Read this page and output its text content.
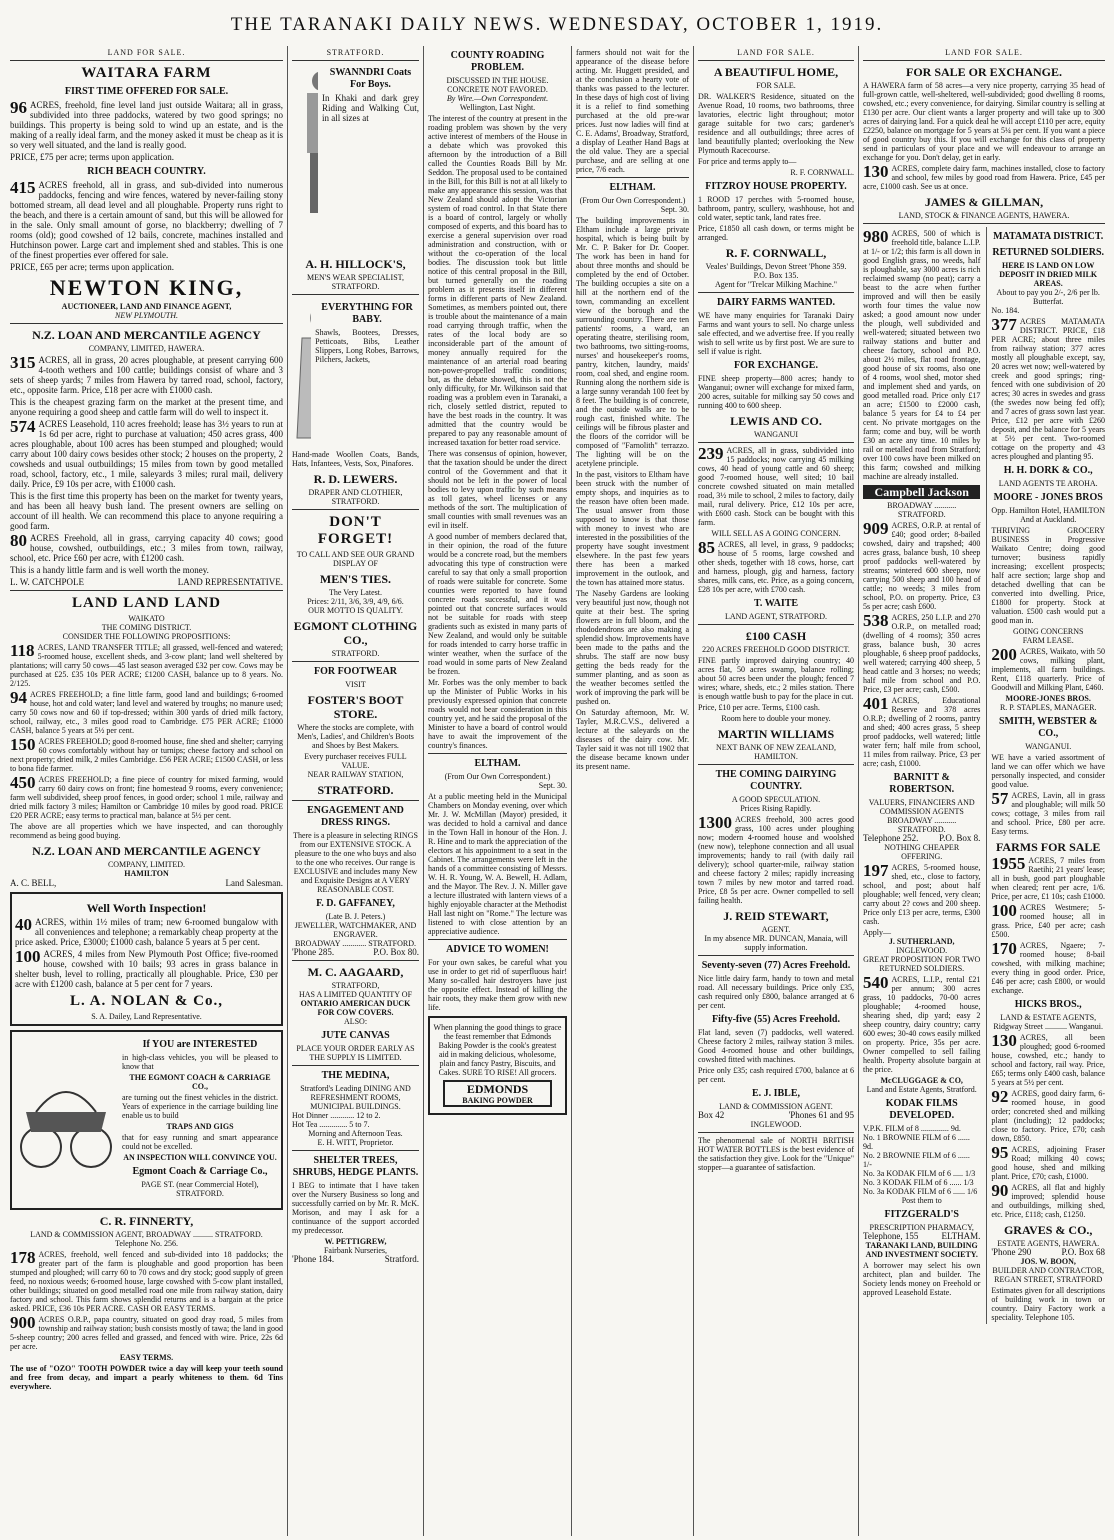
THE TARANAKI DAILY NEWS. WEDNESDAY, OCTOBER 1, 1919.
LAND FOR SALE.
WAITARA FARM
FIRST TIME OFFERED FOR SALE.
96 ACRES, freehold, fine level land just outside Waitara; all in grass, subdivided into three paddocks, watered by two good springs; no buildings. This property is being sold to wind up an estate, and is the making of a really ideal farm, and the money asked it must be cheap as it is so very well situated, and the land is really good.
PRICE, £75 per acre; terms upon application.
RICH BEACH COUNTRY.
415 ACRES freehold, all in grass, and sub-divided into numerous paddocks, fencing and wire fences, watered by never-failing stony bottomed stream, all dead level and all ploughable. Property runs right to the beach, and there is a certain amount of sand, but this will be allowed for in the sale. Only small amount of gorse, no blackberry; dwelling of 7 rooms (old); good cowshed of 12 bails, concrete, machines installed and Hutchinson power. Large cart and implement shed and stables. This is one of the finest properties ever offered for sale.
PRICE, £65 per acre; terms upon application.
NEWTON KING,
AUCTIONEER, LAND AND FINANCE AGENT,
NEW PLYMOUTH.
N.Z. LOAN AND MERCANTILE AGENCY
COMPANY, LIMITED, HAWERA.
315 ACRES, all in grass, 20 acres ploughable, at present carrying 600 4-tooth wethers and 100 cattle; buildings consist of whare and 3 sets of sheep yards; 7 miles from Hawera by tarred road, school, factory, etc., opposite farm. Price, £18 per acre with £1000 cash.
This is the cheapest grazing farm on the market at the present time, and anyone requiring a good sheep and cattle farm will do well to inspect it.
574 ACRES Leasehold, 110 acres freehold; lease has 3½ years to run at 1s 6d per acre, right to purchase at valuation; 450 acres grass, 400 acres ploughable, about 100 acres has been stumped and ploughed; would carry about 100 dairy cows besides other stock; 2 houses on the property, 2 cowsheds and usual outbuildings; 15 miles from town by good metalled road, school, factory, etc., 1 mile, saleyards 3 miles; rural mail, delivery daily. Price, £9 10s per acre, with £1000 cash.
This is the first time this property has been on the market for twenty years, and has been all heavy bush land. The present owners are selling on account of ill health. We can recommend this place to anyone requiring a good farm.
80 ACRES Freehold, all in grass, carrying capacity 40 cows; good house, cowshed, outbuildings, etc.; 3 miles from town, railway, school, etc. Price £60 per acre, with £1200 cash.
This is a handy little farm and is well worth the money.
L. W. CATCHPOLE	LAND REPRESENTATIVE.
LAND LAND LAND
WAIKATO
THE COMING DISTRICT.
CONSIDER THE FOLLOWING PROPOSITIONS:
118 ACRES, LAND TRANSFER TITLE; all grassed, well-fenced and watered; 5-roomed house, excellent sheds, and 3-cow plant; land well sheltered by plantations; will carry 50 cows—45 last season averaged £32 per cow. Cows may be purchased at £25. £35 10s PER ACRE; £1200 CASH, balance up to 8 years. No. 2/125.
94 ACRES FREEHOLD; a fine little farm, good land and buildings; 6-roomed house, hot and cold water; land level and watered by troughs; no manure used; carry 50 cows now and 60 if top-dressed; within 300 yards of dried milk factory, school, railway, etc., 3 miles good road to Cambridge. £75 PER ACRE; £1000 CASH, balance 5 years at 5½ per cent.
150 ACRES FREEHOLD; good 8-roomed house, fine shed and shelter; carrying 60 cows comfortably without hay or turnips; cheese factory and school on next property; dried milk, 2 miles Cambridge. £56 PER ACRE; £1500 CASH, or less to bona fide farmer.
450 ACRES FREEHOLD; a fine piece of country for mixed farming, would carry 60 dairy cows on front; fine homestead 9 rooms, every convenience; farm well subdivided, sheep proof fences, in good order; school 1 mile, railway and dried milk factory 3 miles; Hamilton or Cambridge 10 miles by good road. PRICE £20 PER ACRE; easy terms to practical man, balance at 5½ per cent.
The above are all properties which we have inspected, and can thoroughly recommend as being good buying.
N.Z. LOAN AND MERCANTILE AGENCY
COMPANY, LIMITED.
HAMILTON
A. C. BELL,	Land Salesman.
Well Worth Inspection!
40 ACRES, within 1½ miles of tram; new 6-roomed bungalow with all conveniences and telephone; a remarkably cheap property at the price asked. Price, £3000; £1000 cash, balance 5 years at 5 per cent.
100 ACRES, 4 miles from New Plymouth Post Office; five-roomed house, cowshed with 10 bails; 93 acres in grass balance in shelter bush, level to rolling, practically all ploughable. Price, £30 per acre with £1200 cash, balance at 5 per cent for 7 years.
L. A. NOLAN & Co.,
S. A. Dailey, Land Representative.
If YOU are INTERESTED
in high-class vehicles, you will be pleased to know that
THE EGMONT COACH & CARRIAGE CO.,
are turning out the finest vehicles in the district. Years of experience in the carriage building line enable us to build
TRAPS AND GIGS
that for easy running and smart appearance could not be excelled.
AN INSPECTION WILL CONVINCE YOU.
Egmont Coach & Carriage Co.,
PAGE ST. (near Commercial Hotel), STRATFORD.
C. R. FINNERTY,
LAND & COMMISSION AGENT, BROADWAY .......... STRATFORD.
Telephone No. 256.
178 ACRES, freehold, well fenced and sub-divided into 18 paddocks; the greater part of the farm is ploughable and good proportion has been stumped and ploughed; will carry 60 to 70 cows and dry stock; good supply of green feed, no noxious weeds; 6-roomed house, large cowshed with 5-cow plant installed, other buildings; situated on good metalled road one mile from railway station, dairy factory and school. This farm shows splendid returns and is a bargain at the price asked. PRICE, £36 10s PER ACRE. CASH OR EASY TERMS.
900 ACRES O.R.P., papa country, situated on good dray road, 5 miles from township and railway station; bush consists mostly of tawa; the land in good 5-sheep country; 200 acres felled and grassed, and fenced with wire. Price, 22s 6d per acre.
EASY TERMS.
The use of "OZO" TOOTH POWDER twice a day will keep your teeth sound and free from decay, and impart a pearly whiteness to them. 6d Tins everywhere.
STRATFORD.
SWANNDRI Coats For Boys.
In Khaki and dark grey Riding and Walking Cut, in all sizes at
A. H. HILLOCK'S,
MEN'S WEAR SPECIALIST,
STRATFORD.
EVERYTHING FOR BABY.
Shawls, Bootees, Dresses, Petticoats, Bibs, Leather Slippers, Long Robes, Barrows, Pilchers, Jackets,
Hand-made Woollen Coats, Bands, Hats, Infantees, Vests, Sox, Pinafores.
R. D. LEWERS.
DRAPER AND CLOTHIER,
STRATFORD.
DON'T FORGET!
TO CALL AND SEE OUR GRAND DISPLAY OF
MEN'S TIES.
The Very Latest.
Prices: 2/11, 3/6, 3/9, 4/9, 6/6.
OUR MOTTO IS QUALITY.
EGMONT CLOTHING CO.,
STRATFORD.
FOR FOOTWEAR
VISIT
FOSTER'S BOOT STORE.
Where the stocks are complete, with Men's, Ladies', and Children's Boots and Shoes by Best Makers.
Every purchaser receives FULL VALUE.
NEAR RAILWAY STATION,
STRATFORD.
ENGAGEMENT AND DRESS RINGS.
There is a pleasure in selecting RINGS from our EXTENSIVE STOCK. A pleasure to the one who buys and also to the one who receives. Our range is EXCLUSIVE and includes many New and Exquisite Designs at A VERY REASONABLE COST.
F. D. GAFFANEY,
(Late B. J. Peters.)
JEWELLER, WATCHMAKER, AND ENGRAVER.
BROADWAY ............ STRATFORD.
'Phone 285.	P.O. Box 80.
M. C. AAGAARD,
STRATFORD,
HAS A LIMITED QUANTITY OF
ONTARIO AMERICAN DUCK FOR COW COVERS.
ALSO:
JUTE CANVAS
PLACE YOUR ORDER EARLY AS THE SUPPLY IS LIMITED.
THE MEDINA,
Stratford's Leading DINING AND REFRESHMENT ROOMS, MUNICIPAL BUILDINGS.
Hot Dinner ............ 12 to 2.
Hot Tea .............. 5 to 7.
Morning and Afternoon Teas.
E. H. WITT, Proprietor.
SHELTER TREES, SHRUBS, HEDGE PLANTS.
I BEG to intimate that I have taken over the Nursery Business so long and successfully carried on by Mr. R. McK. Morison, and may I ask for a continuance of the support accorded my predecessor.
W. PETTIGREW,
Fairbank Nurseries,
'Phone 184.	Stratford.
COUNTY ROADING PROBLEM.
DISCUSSED IN THE HOUSE.
CONCRETE NOT FAVORED.
By Wire.—Own Correspondent.
Wellington, Last Night.
The interest of the country at present in the roading problem was shown by the very active interest of members of the House in a debate which was provoked this afternoon by the introduction of a Bill called the Counties Roads Bill by Mr. Seddon. The proposal used to be contained in the Bill, for this Bill is not at all likely to make any appearance this session, was that New Zealand should adopt the Victorian system of road control. In that State there is a board of control, largely or wholly composed of experts, and this board has to exercise a general supervision over road administration and construction, with or without the co-operation of the local bodies. The discussion took but little notice of this central proposal in the Bill, but turned generally on the roading problem as it presents itself in different forms in different parts of New Zealand. Sometimes, as members pointed out, there is trouble about the maintenance of a main road carrying through traffic, when the rates of the local body are so inconsiderable part of the amount of money annually required for the maintenance of an arterial road bearing non-power-propelled traffic conditions; but, as the debate showed, this is not the only difficulty, for Mr. Wilkinson said that roading was a problem even in Taranaki, a rich, closely settled district, reputed to have the best roads in the country. It was admitted that the country would be prepared to pay any reasonable amount of increased taxation for better road service.
There was consensus of opinion, however, that the taxation should be under the direct control of the Government and that it should not be left in the power of local bodies to levy upon traffic by such means as toll gates, wheel licenses or any methods of the sort. The multiplication of small counties with small revenues was an evil in itself.
A good number of members declared that, in their opinion, the road of the future would be a concrete road, but the members advocating this type of construction were careful to say that only a small proportion of roads were suitable for concrete. Some counties were reported to have found concrete roads successful, and it was pointed out that concrete surfaces would not be suitable for roads with steep gradients such as existed in many parts of New Zealand, and would only be suitable for roads intended to carry horse traffic in winter weather, when the surface of the road would in some parts of New Zealand be frozen.
Mr. Forbes was the only member to back up the Minister of Public Works in his previously expressed opinion that concrete roads would not bear consideration in this country yet, and he said the proposal of the Minister to have a board of control would have to await the improvement of the country's finances.
ELTHAM.
(From Our Own Correspondent.)
Sept. 30.
At a public meeting held in the Municipal Chambers on Monday evening, over which Mr. J. W. McMillan (Mayor) presided, it was decided to hold a carnival and dance in the Town Hall in honour of the Hon. J. R. Hine and to mark the appreciation of the electors at his appointment to a seat in the Cabinet. The arrangements were left in the hands of a committee consisting of Messrs. W. H. R. Young, W. A. Bewell, H. Adlam, and the Mayor. The Rev. J. N. Miller gave a lecture illustrated with lantern views of a highly enjoyable character at the Methodist Hall last night on "Rome." The lecture was listened to with close attention by an appreciative audience.
ADVICE TO WOMEN!
For your own sakes, be careful what you use in order to get rid of superfluous hair! Many so-called hair destroyers have just the opposite effect. Instead of killing the hair roots, they make them grow with new life.
When planning the good things to grace the feast remember that Edmonds Baking Powder is the cook's greatest aid in making delicious, wholesome, plain and fancy Pastry, Biscuits, and Cakes. SURE TO RISE! All grocers.
EDMONDS
BAKING POWDER
farmers should not wait for the appearance of the disease before acting. Mr. Huggett presided, and at the conclusion a hearty vote of thanks was passed to the lecturer. In these days of high cost of living it is a relief to find something purchased at the old pre-war prices. Just now ladies will find at C. E. Adams', Broadway, Stratford, a display of Leather Hand Bags at the old value. They are a special purchase, and are selling at one price, 7/6 each.
ELTHAM.
(From Our Own Correspondent.)
Sept. 30.
The building improvements in Eltham include a large private hospital, which is being built by Mr. C. P. Baker for Dr. Cooper. The work has been in hand for about three months and should be completed by the end of October. The building occupies a site on a hill at the northern end of the town, commanding an excellent view of the borough and the surrounding country. There are ten patients' rooms, a ward, an operating theatre, sterilising room, two bathrooms, two sitting-rooms, nurses' and housekeeper's rooms, pantry, kitchen, laundry, maids' room, coal shed, and engine room. Running along the northern side is a large sunny verandah 100 feet by 8 feet. The building is of concrete, and the outside walls are to be rough cast, finished white. The ceilings will be fibrous plaster and the floors of the corridor will be composed of "Farnolith" terrazzo. The lighting will be on the acetylene principle.
In the past, visitors to Eltham have been struck with the number of empty shops, and inquiries as to the reason have often been made. The usual answer from those supposed to know is that those with money to invest who are interested in the possibilities of the property have sought investment elsewhere. In the past few years there has been a marked improvement in the outlook, and the town has attained more status.
The Naseby Gardens are looking very beautiful just now, though not quite at their best. The spring flowers are in full bloom, and the rhododendrons are also making a splendid show. Improvements have been made to the paths and the shrubs. The staff are now busy getting the beds ready for the summer planting, and as soon as the weather becomes settled the work of improving the park will be pushed on.
On Saturday afternoon, Mr. W. Tayler, M.R.C.V.S., delivered a lecture at the saleyards on the diseases of the dairy cow. Mr. Tayler said it was not till 1902 that the disease became known under its present name.
LAND FOR SALE.
A BEAUTIFUL HOME,
FOR SALE.
DR. WALKER'S Residence, situated on the Avenue Road, 10 rooms, two bathrooms, three lavatories, electric light throughout; motor garage suitable for two cars; gardener's residence and all outbuildings; three acres of land beautifully planted; overlooking the New Plymouth Racecourse.
For price and terms apply to—
R. F. CORNWALL.
FITZROY HOUSE PROPERTY.
1 ROOD 17 perches with 5-roomed house, bathroom, pantry, scullery, washhouse, hot and cold water, septic tank, land rates free.
Price, £1850 all cash down, or terms might be arranged.
R. F. CORNWALL,
Veales' Buildings, Devon Street 'Phone 359. P.O. Box 135.
Agent for "Trelcar Milking Machine."
DAIRY FARMS WANTED.
WE have many enquiries for Taranaki Dairy Farms and want yours to sell. No charge unless sale effected, and we advertise free. If you really wish to sell write us by first post. We are sure to sell if value is right.
FOR EXCHANGE.
FINE sheep property—800 acres; handy to Wanganui; owner will exchange for mixed farm, 200 acres, suitable for milking say 50 cows and running 400 to 600 sheep.
LEWIS AND CO.
WANGANUI
239 ACRES, all in grass, subdivided into 15 paddocks; now carrying 45 milking cows, 40 head of young cattle and 60 sheep; good 7-roomed house, well sited; 10 bail concrete cowshed situated on main metalled road, 3½ mile to school, 2 miles to factory, daily mail, rural delivery. Price, £12 10s per acre, with £600 cash. Stock can be bought with this farm.
WILL SELL AS A GOING CONCERN.
85 ACRES, all level, in grass, 9 paddocks; house of 5 rooms, large cowshed and other sheds, together with 18 cows, horse, cart and harness, plough, gig and harness, factory shares, milk cans, etc. Price, as a going concern, £28 10s per acre, with £700 cash.
T. WAITE
LAND AGENT, STRATFORD.
£100 CASH
220 ACRES FREEHOLD GOOD DISTRICT.
FINE partly improved dairying country; 40 acres flat, 50 acres swamp, balance rolling; about 50 acres been under the plough; fenced 7 wires; whare, sheds, etc.; 2 miles station. There is enough wattle bush to pay for the place in cut.
Price, £10 per acre. Terms, £100 cash.
Room here to double your money.
MARTIN WILLIAMS
NEXT BANK OF NEW ZEALAND, HAMILTON.
THE COMING DAIRYING COUNTRY.
A GOOD SPECULATION.
Prices Rising Rapidly.
1300 ACRES freehold, 300 acres good grass, 100 acres under ploughing now; modern 4-roomed house and woolshed (new now), telephone connection and all usual improvements; handy to rail (with daily rail delivery); school quarter-mile, railway station and cheese factory 2 miles; rapidly increasing town 7 miles by new motor and tarred road. Price, £8 5s per acre. Owner compelled to sell failing health.
J. REID STEWART,
AGENT.
In my absence MR. DUNCAN, Manaia, will supply information.
Seventy-seven (77) Acres Freehold.
Nice little dairy farm, handy to town and metal road. All necessary buildings. Price only £35, cash required only £800, balance arranged at 6 per cent.
Fifty-five (55) Acres Freehold.
Flat land, seven (7) paddocks, well watered. Cheese factory 2 miles, railway station 3 miles. Good 4-roomed house and other buildings, cowshed fitted with machines.
Price only £35; cash required £700, balance at 6 per cent.
E. J. IBLE,
LAND & COMMISSION AGENT.
Box 42	'Phones 61 and 95
INGLEWOOD.
The phenomenal sale of NORTH BRITISH HOT WATER BOTTLES is the best evidence of the satisfaction they give. Look for the "Unique" stopper—a guarantee of satisfaction.
LAND FOR SALE.
FOR SALE OR EXCHANGE.
A HAWERA farm of 58 acres—a very nice property, carrying 35 head of full-grown cattle, well-sheltered, well-subdivided; good dwelling 8 rooms, cowshed, etc.; every convenience, for dairying. Similar country is selling at £130 per acre. Our client wants a larger property and will take up to 300 acres of dairying land. For a quick deal he will accept £110 per acre, equity £2250, balance on mortgage for 5 years at 5¼ per cent. If you want a piece of good country buy this. If you will exchange for this class of property send in particulars of your place and we will endeavour to arrange an exchange for you. Don't delay, get in early.
130 ACRES, complete dairy farm, machines installed, close to factory and school, few miles by good road from Hawera. Price, £45 per acre, £1000 cash. See us at once.
JAMES & GILLMAN,
LAND, STOCK & FINANCE AGENTS, HAWERA.
980 ACRES, 500 of which is freehold title, balance L.I.P. at 1/- or 1/2; this farm is all down in good English grass, no weeds, half is ploughable, say 3000 acres is rich reclaimed swamp (no peat); carry a beast to the acre when further improved and will then be easily worth four times the value now asked; a good amount now under the plough, well subdivided and well-watered; situated between two railway stations and butter and cheese factory, school and P.O. about 2½ miles, flat road frontage, good house of six rooms, also one of 4 rooms, wool shed, motor shed and implement shed and yards, on good metalled road. Price only £17 an acre; £1500 to £2000 cash, balance 5 years for £4 to £4 per cent. No private mortgages on the farm; come and buy, will be worth £30 an acre any time. 10 miles by rail or metalled road from Stratford; over 100 cows have been milked on this farm; cowshed and milking machine are already installed.
Campbell Jackson
BROADWAY ........... STRATFORD.
909 ACRES, O.R.P. at rental of £40; good order; 8-bailed cowshed, dairy and trapshed; 400 acres grass, balance bush, 10 sheep proof paddocks well-watered by streams; wintered 600 sheep, now carrying 500 sheep and 100 head of cattle; no weeds; 3 miles from school, P.O. on property. Price, £3 5s per acre; cash £600.
538 ACRES, 250 L.I.P. and 270 O.R.P., on metalled road; (dwelling of 4 rooms); 350 acres grass, balance bush, 30 acres ploughable, 6 sheep proof paddocks, well watered; carrying 400 sheep, 5 head cattle and 3 horses; no weeds; half mile from school and P.O. Price, £3 per acre; cash, £500.
401 ACRES, Educational Reserve and 378 acres O.R.P.; dwelling of 2 rooms, pantry and shed; 400 acres grass, 5 sheep proof paddocks, well watered; little water fern; half mile from school, 11 miles from railway. Price, £3 per acre; cash, £1000.
BARNITT & ROBERTSON.
VALUERS, FINANCIERS AND COMMISSION AGENTS
BROADWAY ........... STRATFORD.
Telephone 252. P.O. Box 8.
NOTHING CHEAPER OFFERING.
197 ACRES, 5-roomed house, shed, etc., close to factory, school, and post; about half ploughable; well fenced, very clean; carry about 2? cows and 200 sheep. Price only £13 per acre, terms, £300 cash.
Apply—
J. SUTHERLAND,
INGLEWOOD.
GREAT PROPOSITION FOR TWO RETURNED SOLDIERS.
540 ACRES, L.I.P., rental £21 per annum; 300 acres grass, 10 paddocks, 70-00 acres ploughable; 4-roomed house, shearing shed, dip yard; easy 2 sheep country, dairy country; carry 600 ewes; 30-40 cows easily milked on property. Price, 35s per acre. Owner compelled to sell failing health. Property absolute bargain at the price.
McCLUGGAGE & CO,
Land and Estate Agents, Stratford.
KODAK FILMS DEVELOPED.
V.P.K. FILM of 8 .............. 9d.
No. 1 BROWNIE FILM of 6 ...... 9d.
No. 2 BROWNIE FILM of 6 ...... 1/-
No. 3a KODAK FILM of 6 ..... 1/3
No. 3 KODAK FILM of 6 ...... 1/3
No. 3a KODAK FILM of 6 ...... 1/6
Post them to
FITZGERALD'S
PRESCRIPTION PHARMACY,
Telephone, 155	ELTHAM.
TARANAKI LAND, BUILDING AND INVESTMENT SOCIETY.
A borrower may select his own architect, plan and builder. The Society lends money on Freehold or approved Leasehold Estate.
MATAMATA DISTRICT.
RETURNED SOLDIERS.
HERE IS LAND ON LOW DEPOSIT IN DRIED MILK AREAS.
About to pay you 2/-, 2/6 per lb. Butterfat.
No. 184.
377 ACRES MATAMATA DISTRICT. PRICE, £18 PER ACRE; about three miles from railway station; 377 acres mostly all ploughable except, say, 20 acres wet now; well-watered by creek and good springs; ring-fenced with one subdivision of 20 acres; 30 acres in swedes and grass (the swedes now being fed off); and 7 acres of grass sown last year. Price, £12 per acre with £260 deposit, and the balance for 5 years at 5½ per cent. Two-roomed cottage on the property and 43 acres ploughed and planting 95.
H. H. DORK & CO.,
LAND AGENTS TE AROHA.
MOORE - JONES BROS
Opp. Hamilton Hotel, HAMILTON And at Auckland.
THRIVING GROCERY BUSINESS in Progressive Waikato Centre; doing good turnover; business rapidly increasing; excellent prospects; half acre section; large shop and detached dwelling that can be converted into dwelling. Price, £1800 for property. Stock at valuation. £500 cash would put a good man in.
GOING CONCERNS
FARM LEASE.
200 ACRES, Waikato, with 50 cows, milking plant, implements, all farm buildings. Rent, £118 quarterly. Price of Goodwill and Milking Plant, £460.
MOORE-JONES BROS.
R. P. STAPLES, MANAGER.
SMITH, WEBSTER & CO.,
WANGANUI.
WE have a varied assortment of land we can offer which we have personally inspected, and consider good value.
57 ACRES, Lavin, all in grass and ploughable; will milk 50 cows; cottage, 3 miles from rail and school. Price, £80 per acre. Easy terms.
FARMS FOR SALE
1955 ACRES, 7 miles from Raetihi; 21 years' lease; all in bush, good part ploughable when cleared; rent per acre, 1/6. Price, per acre, £1 10s; cash £1000.
100 ACRES Westmere; 5-roomed house; all in grass. Price, £40 per acre; cash £500.
170 ACRES, Ngaere; 7-roomed house; 8-bail cowshed, with milking machine; every thing in good order. Price, £46 per acre; cash £800, or would exchange.
HICKS BROS.,
LAND & ESTATE AGENTS,
Ridgway Street ........... Wanganui.
130 ACRES, all been ploughed; good 6-roomed house, cowshed, etc.; handy to school and factory, rail way. Price, £65; terms only £400 cash, balance 5 years at 5½ per cent.
92 ACRES, good dairy farm, 6-roomed house, in good order; concreted shed and milking plant (including); 12 paddocks; close to factory. Price, £70; cash down, £850.
95 ACRES, adjoining Fraser Road; milking 40 cows; good house, shed and milking plant. Price, £70; cash, £1000.
90 ACRES, all flat and highly improved; splendid house and outbuildings, milking shed, etc. Price, £118; cash, £1250.
GRAVES & CO.,
ESTATE AGENTS, HAWERA.
'Phone 290	P.O. Box 68
JOS. W. BOON,
BUILDER AND CONTRACTOR, REGAN STREET, STRATFORD
Estimates given for all descriptions of building work in town or country. Dairy Factory work a speciality. Telephone 105.
